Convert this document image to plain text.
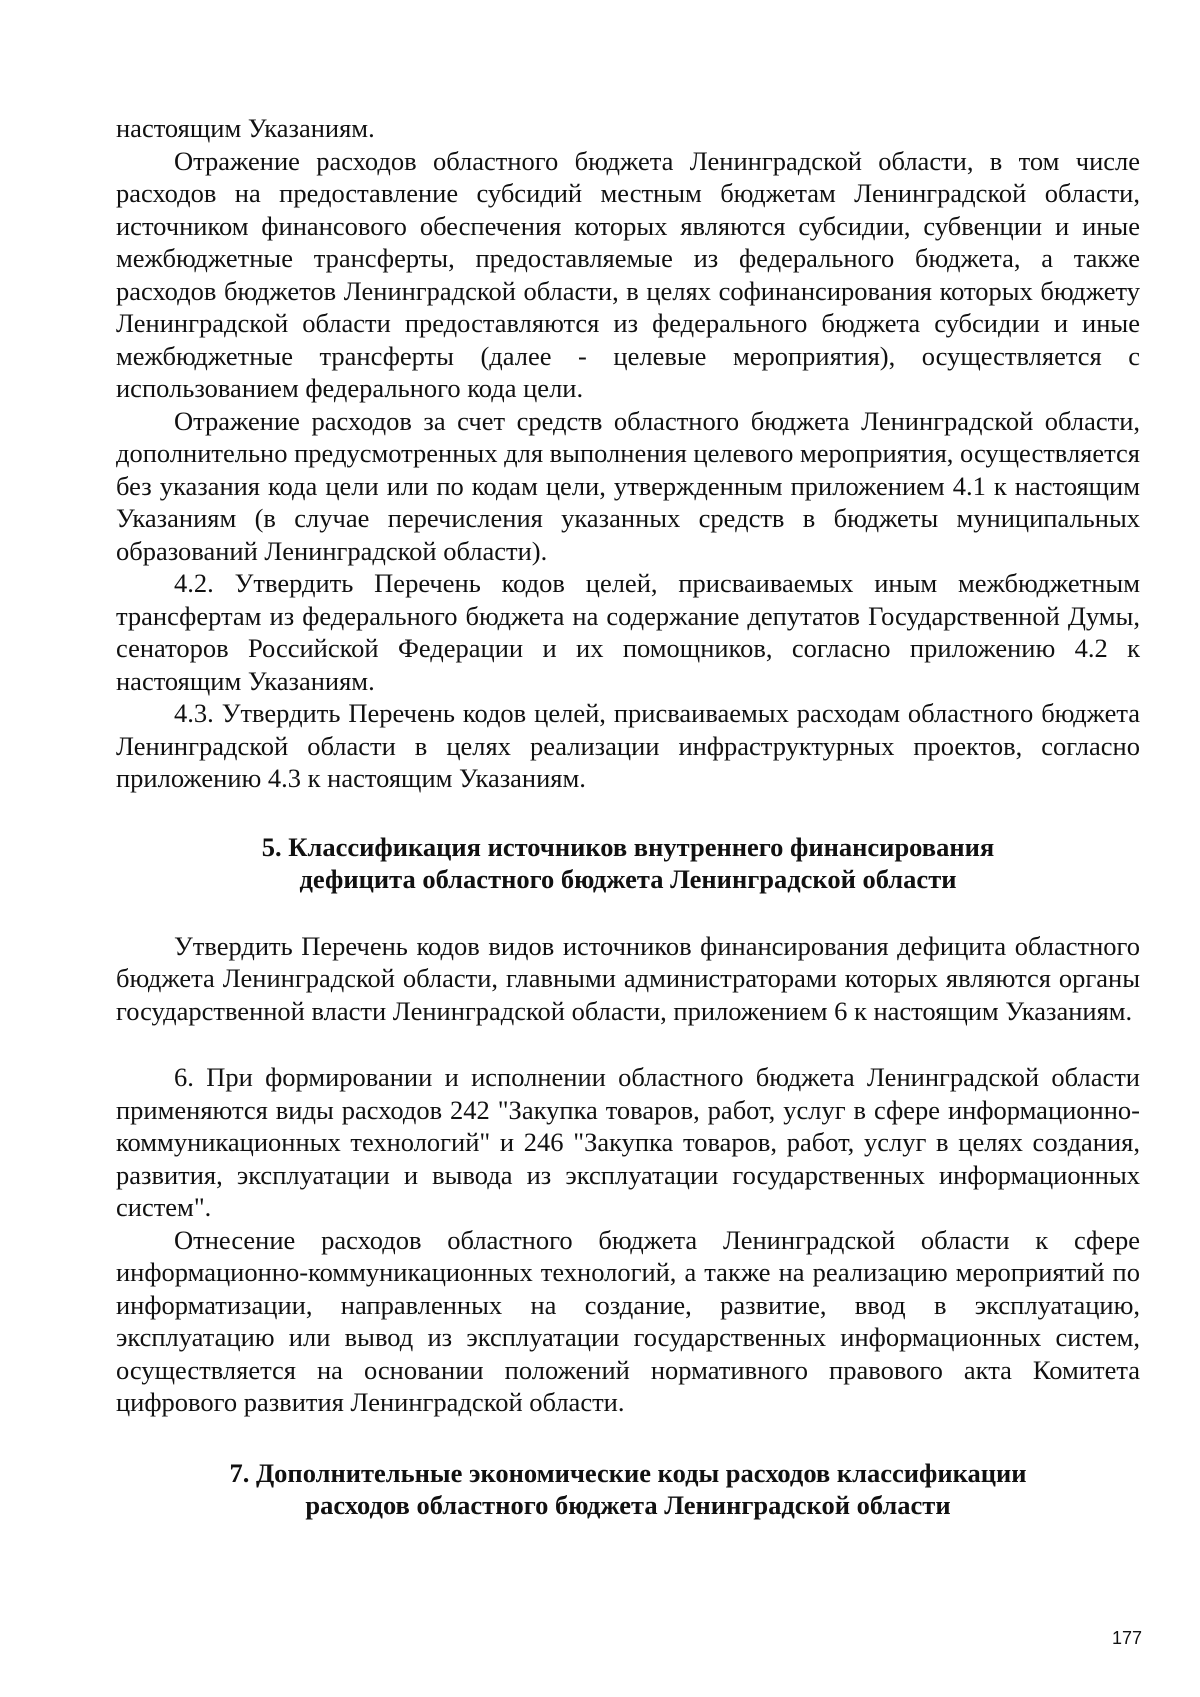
настоящим Указаниям.

Отражение расходов областного бюджета Ленинградской области, в том числе расходов на предоставление субсидий местным бюджетам Ленинградской области, источником финансового обеспечения которых являются субсидии, субвенции и иные межбюджетные трансферты, предоставляемые из федерального бюджета, а также расходов бюджетов Ленинградской области, в целях софинансирования которых бюджету Ленинградской области предоставляются из федерального бюджета субсидии и иные межбюджетные трансферты (далее - целевые мероприятия), осуществляется с использованием федерального кода цели.

Отражение расходов за счет средств областного бюджета Ленинградской области, дополнительно предусмотренных для выполнения целевого мероприятия, осуществляется без указания кода цели или по кодам цели, утвержденным приложением 4.1 к настоящим Указаниям (в случае перечисления указанных средств в бюджеты муниципальных образований Ленинградской области).

4.2. Утвердить Перечень кодов целей, присваиваемых иным межбюджетным трансфертам из федерального бюджета на содержание депутатов Государственной Думы, сенаторов Российской Федерации и их помощников, согласно приложению 4.2 к настоящим Указаниям.

4.3. Утвердить Перечень кодов целей, присваиваемых расходам областного бюджета Ленинградской области в целях реализации инфраструктурных проектов, согласно приложению 4.3 к настоящим Указаниям.

5. Классификация источников внутреннего финансирования
дефицита областного бюджета Ленинградской области

Утвердить Перечень кодов видов источников финансирования дефицита областного бюджета Ленинградской области, главными администраторами которых являются органы государственной власти Ленинградской области, приложением 6 к настоящим Указаниям.

6. При формировании и исполнении областного бюджета Ленинградской области применяются виды расходов 242 "Закупка товаров, работ, услуг в сфере информационно-коммуникационных технологий" и 246 "Закупка товаров, работ, услуг в целях создания, развития, эксплуатации и вывода из эксплуатации государственных информационных систем".

Отнесение расходов областного бюджета Ленинградской области к сфере информационно-коммуникационных технологий, а также на реализацию мероприятий по информатизации, направленных на создание, развитие, ввод в эксплуатацию, эксплуатацию или вывод из эксплуатации государственных информационных систем, осуществляется на основании положений нормативного правового акта Комитета цифрового развития Ленинградской области.

7. Дополнительные экономические коды расходов классификации
расходов областного бюджета Ленинградской области
177
